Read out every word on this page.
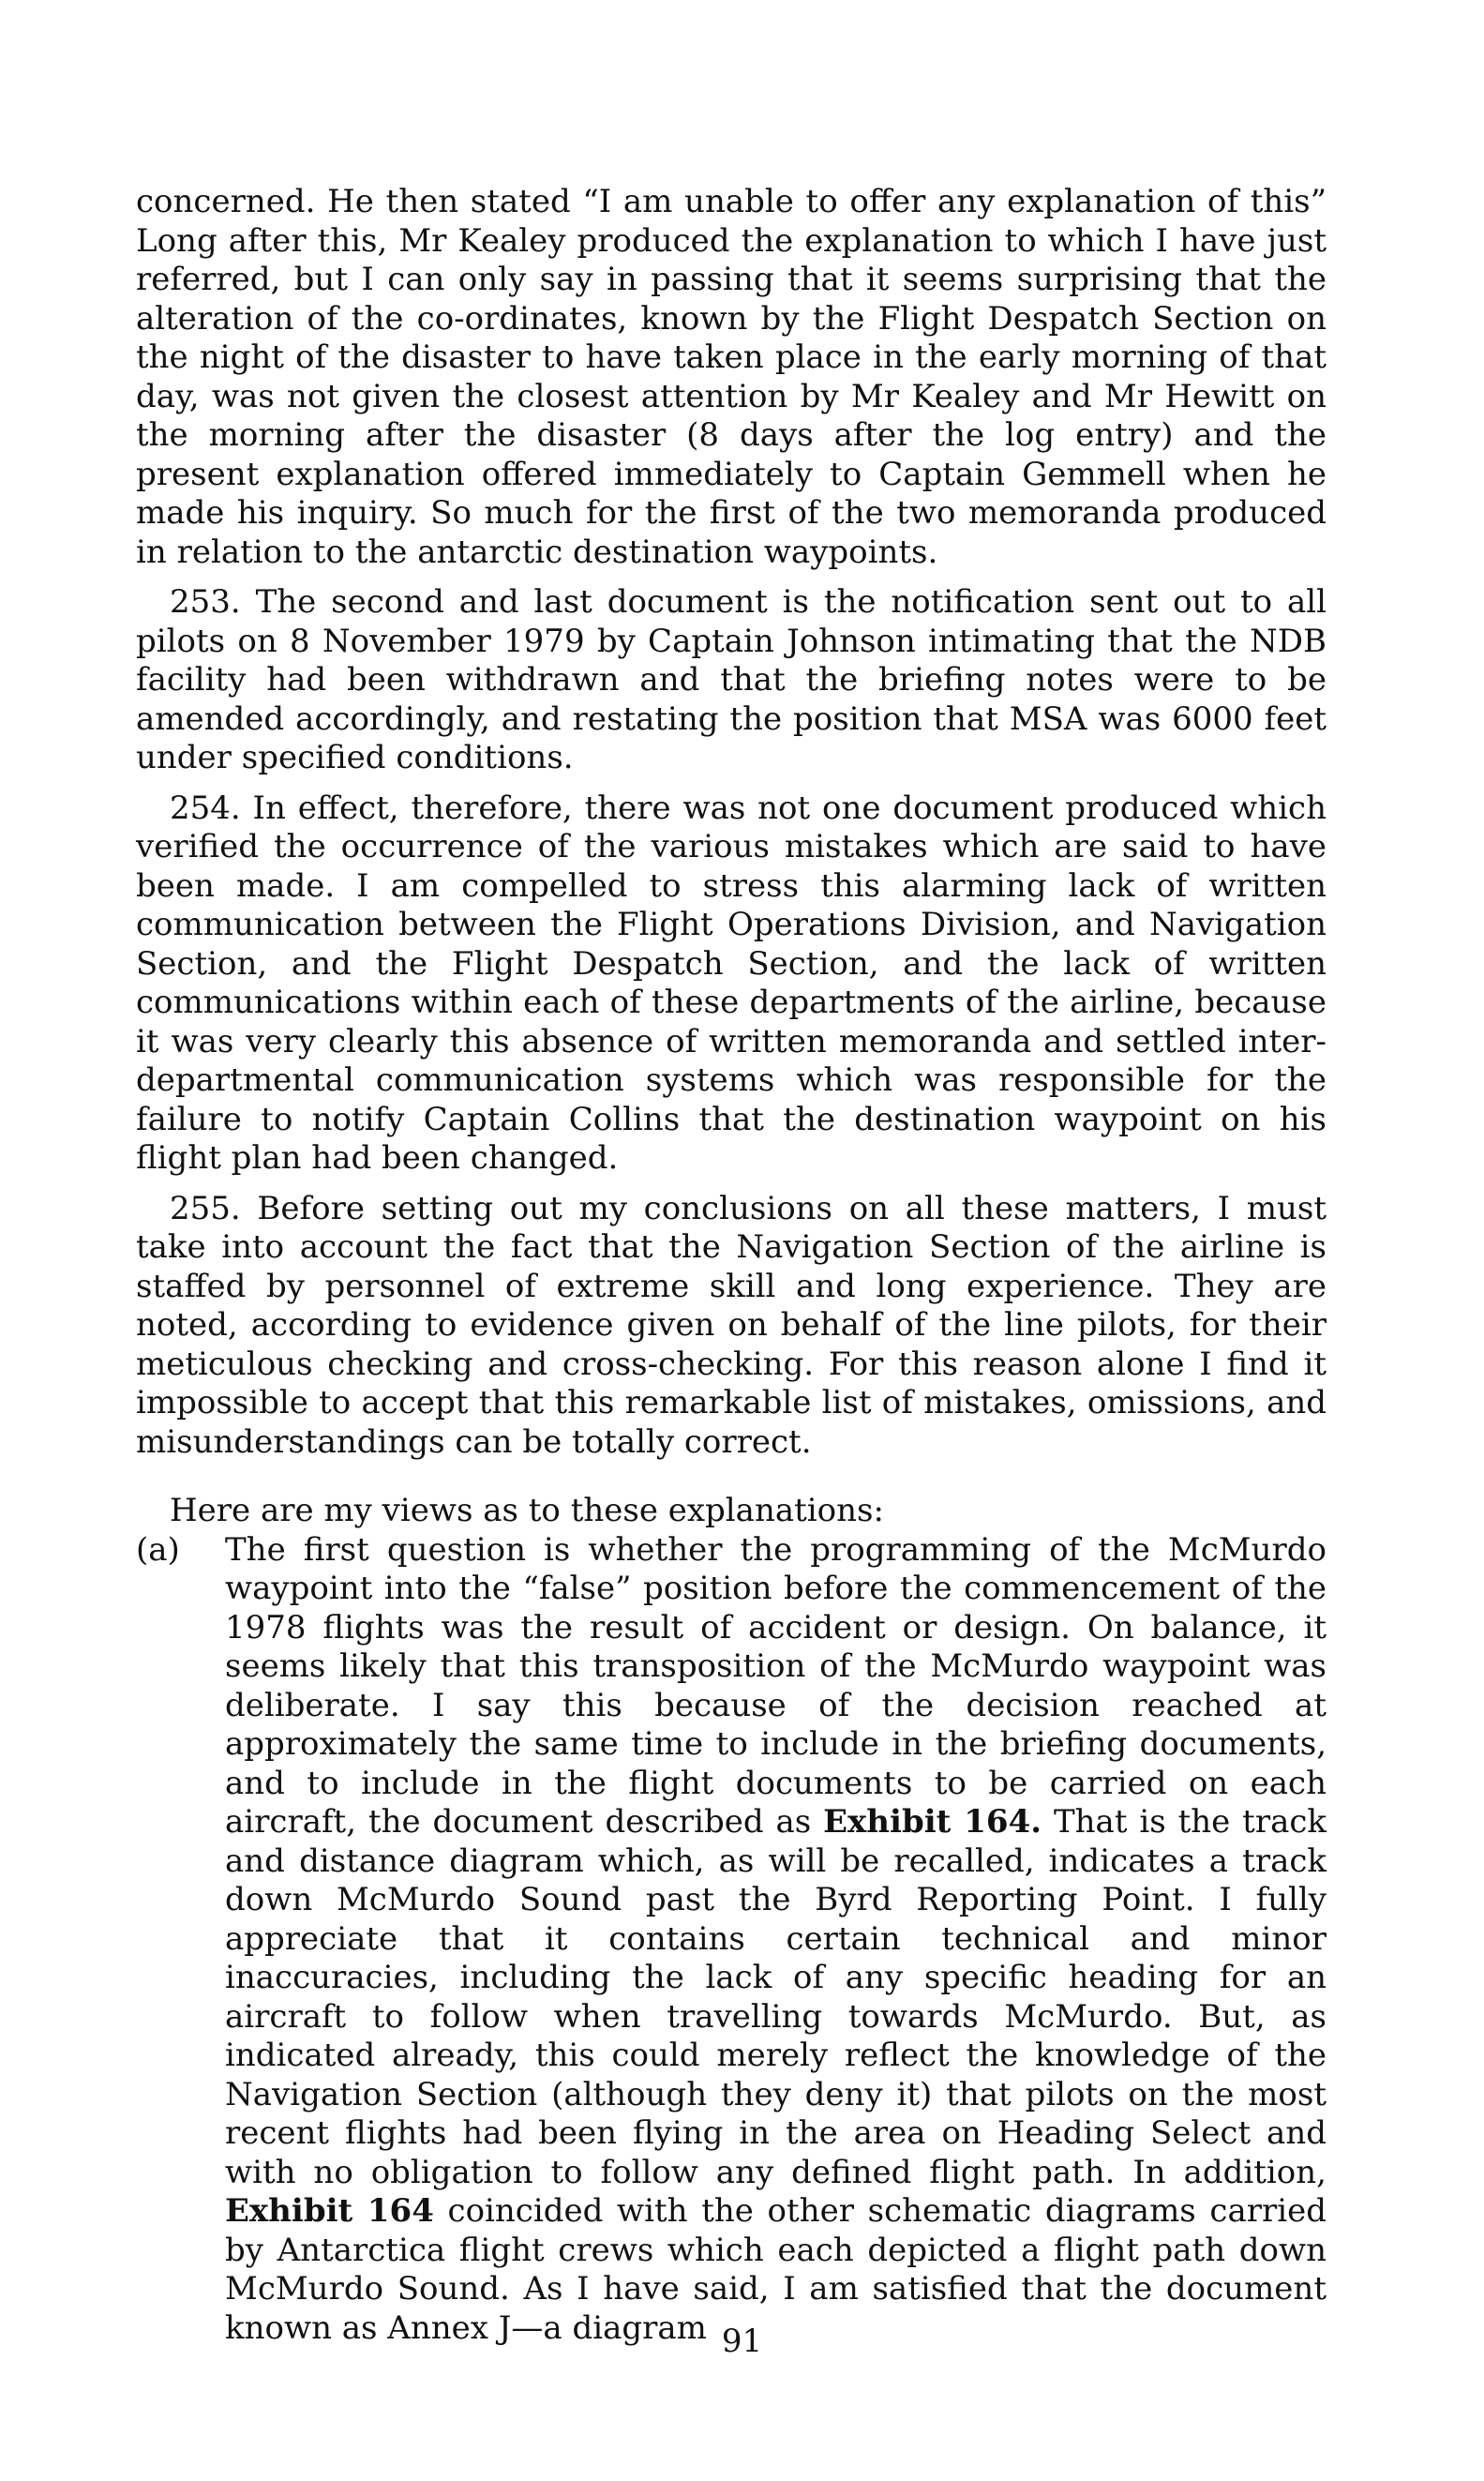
concerned. He then stated “I am unable to offer any explanation of this” Long after this, Mr Kealey produced the explanation to which I have just referred, but I can only say in passing that it seems surprising that the alteration of the co-ordinates, known by the Flight Despatch Section on the night of the disaster to have taken place in the early morning of that day, was not given the closest attention by Mr Kealey and Mr Hewitt on the morning after the disaster (8 days after the log entry) and the present explanation offered immediately to Captain Gemmell when he made his inquiry. So much for the first of the two memoranda produced in relation to the antarctic destination waypoints.

253. The second and last document is the notification sent out to all pilots on 8 November 1979 by Captain Johnson intimating that the NDB facility had been withdrawn and that the briefing notes were to be amended accordingly, and restating the position that MSA was 6000 feet under specified conditions.

254. In effect, therefore, there was not one document produced which verified the occurrence of the various mistakes which are said to have been made. I am compelled to stress this alarming lack of written communication between the Flight Operations Division, and Navigation Section, and the Flight Despatch Section, and the lack of written communications within each of these departments of the airline, because it was very clearly this absence of written memoranda and settled inter-departmental communication systems which was responsible for the failure to notify Captain Collins that the destination waypoint on his flight plan had been changed.

255. Before setting out my conclusions on all these matters, I must take into account the fact that the Navigation Section of the airline is staffed by personnel of extreme skill and long experience. They are noted, according to evidence given on behalf of the line pilots, for their meticulous checking and cross-checking. For this reason alone I find it impossible to accept that this remarkable list of mistakes, omissions, and misunderstandings can be totally correct.

Here are my views as to these explanations:

(a) The first question is whether the programming of the McMurdo waypoint into the “false” position before the commencement of the 1978 flights was the result of accident or design. On balance, it seems likely that this transposition of the McMurdo waypoint was deliberate. I say this because of the decision reached at approximately the same time to include in the briefing documents, and to include in the flight documents to be carried on each aircraft, the document described as Exhibit 164. That is the track and distance diagram which, as will be recalled, indicates a track down McMurdo Sound past the Byrd Reporting Point. I fully appreciate that it contains certain technical and minor inaccuracies, including the lack of any specific heading for an aircraft to follow when travelling towards McMurdo. But, as indicated already, this could merely reflect the knowledge of the Navigation Section (although they deny it) that pilots on the most recent flights had been flying in the area on Heading Select and with no obligation to follow any defined flight path. In addition, Exhibit 164 coincided with the other schematic diagrams carried by Antarctica flight crews which each depicted a flight path down McMurdo Sound. As I have said, I am satisfied that the document known as Annex J—a diagram 91
